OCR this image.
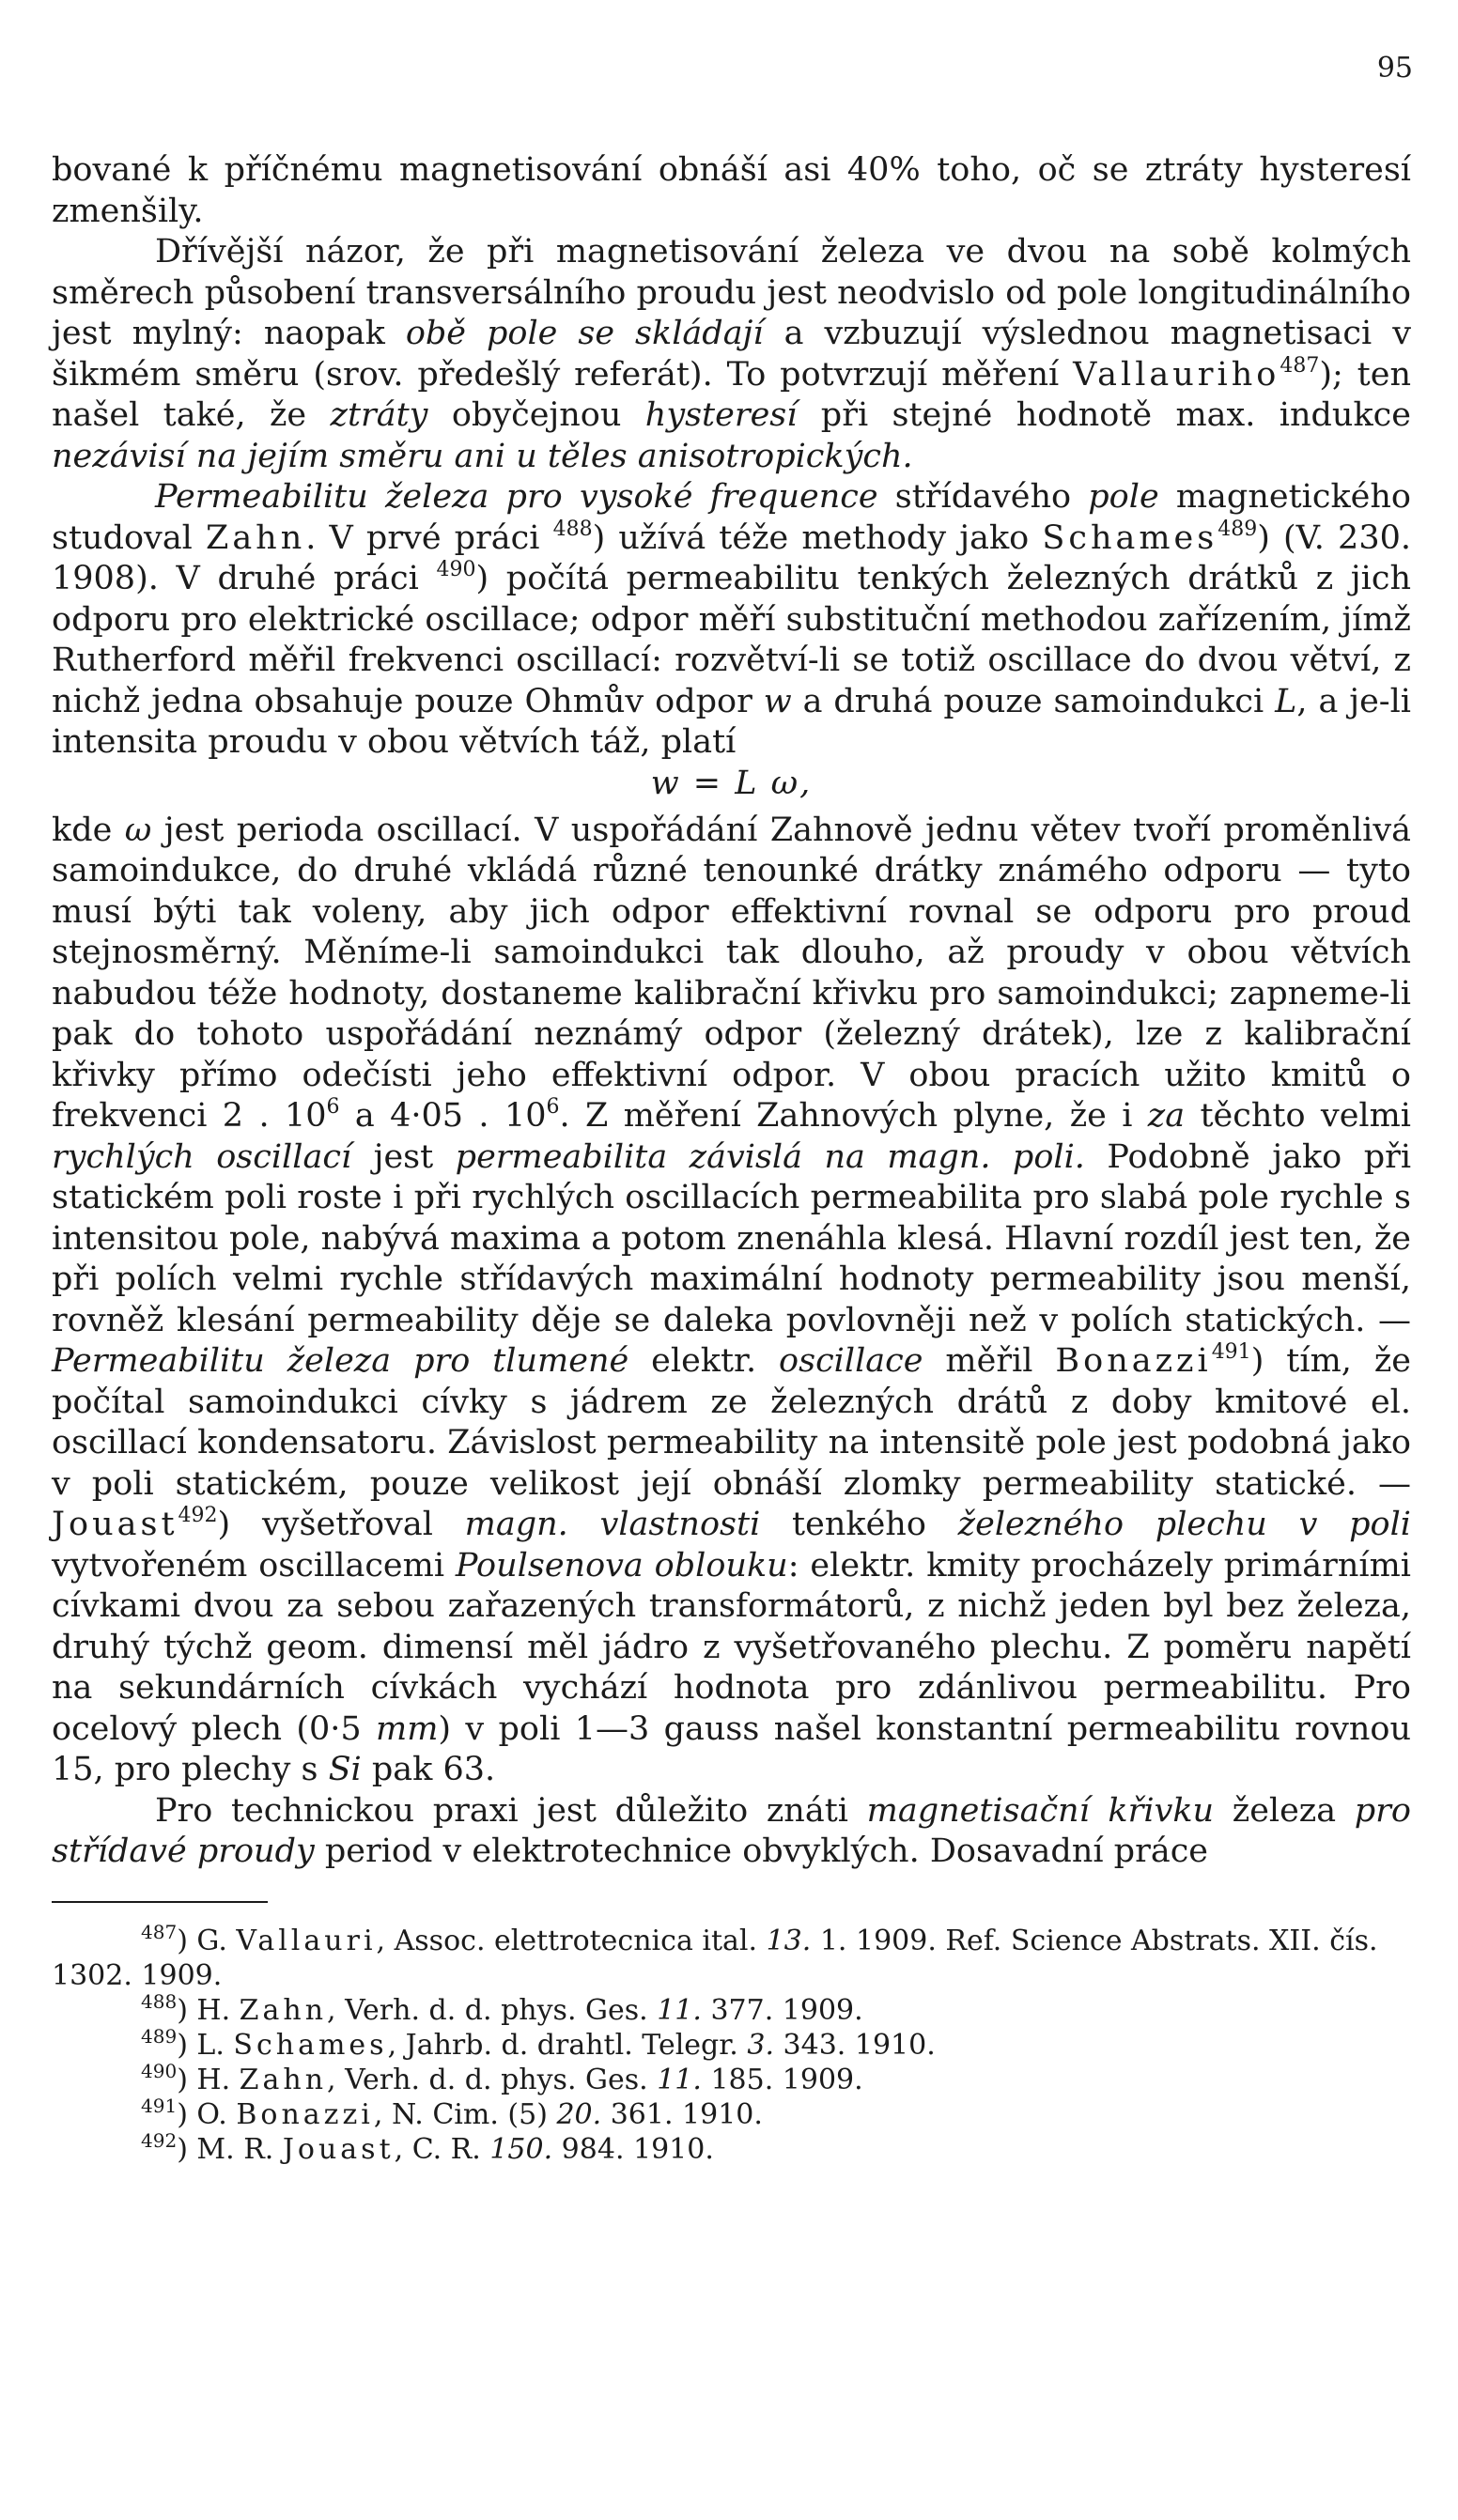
95

bované k příčnému magnetisování obnáší asi 40% toho, oč se ztráty hysteresí zmenšily.

Dřívější názor, že při magnetisování železa ve dvou na sobě kolmých směrech působení transversálního proudu jest neodvislo od pole longitudinálního jest mylný: naopak obě pole se skládají a vzbuzují výslednou magnetisaci v šikmém směru (srov. předešlý referát). To potvrzují měření Vallauriho$^{487}$); ten našel také, že ztráty obyčejnou hysteresí při stejné hodnotě max. indukce nezávisí na jejím směru ani u těles anisotropických.

Permeabilitu železa pro vysoké frequence střídavého pole magnetického studoval Zahn. V prvé práci $^{488}$) užívá téže methody jako Schames$^{489}$) (V. 230. 1908). V druhé práci $^{490}$) počítá permeabilitu tenkých železných drátků z jich odporu pro elektrické oscillace; odpor měří substituční methodou zařízením, jímž Rutherford měřil frekvenci oscillací: rozvětví-li se totiž oscillace do dvou větví, z nichž jedna obsahuje pouze Ohmův odpor w a druhá pouze samoindukci L, a je-li intensita proudu v obou větvích táž, platí

w = L ω,

kde ω jest perioda oscillací. V uspořádání Zahnově jednu větev tvoří proměnlivá samoindukce, do druhé vkládá různé tenounké drátky známého odporu — tyto musí býti tak voleny, aby jich odpor effektivní rovnal se odporu pro proud stejnosměrný. Měníme-li samoindukci tak dlouho, až proudy v obou větvích nabudou téže hodnoty, dostaneme kalibrační křivku pro samoindukci; zapneme-li pak do tohoto uspořádání neznámý odpor (železný drátek), lze z kalibrační křivky přímo odečísti jeho effektivní odpor. V obou pracích užito kmitů o frekvenci 2 . $10^6$ a 4·05 . $10^6$. Z měření Zahnových plyne, že i za těchto velmi rychlých oscillací jest permeabilita závislá na magn. poli. Podobně jako při statickém poli roste i při rychlých oscillacích permeabilita pro slabá pole rychle s intensitou pole, nabývá maxima a potom znenáhla klesá. Hlavní rozdíl jest ten, že při polích velmi rychle střídavých maximální hodnoty permeability jsou menší, rovněž klesání permeability děje se daleka povlovněji než v polích statických. — Permeabilitu železa pro tlumené elektr. oscillace měřil Bonazzi$^{491}$) tím, že počítal samoindukci cívky s jádrem ze železných drátů z doby kmitové el. oscillací kondensatoru. Závislost permeability na intensitě pole jest podobná jako v poli statickém, pouze velikost její obnáší zlomky permeability statické. — Jouast$^{492}$) vyšetřoval magn. vlastnosti tenkého železného plechu v poli vytvořeném oscillacemi Poulsenova oblouku: elektr. kmity procházely primárními cívkami dvou za sebou zařazených transformátorů, z nichž jeden byl bez železa, druhý týchž geom. dimensí měl jádro z vyšetřovaného plechu. Z poměru napětí na sekundárních cívkách vychází hodnota pro zdánlivou permeabilitu. Pro ocelový plech (0·5 mm) v poli 1—3 gauss našel konstantní permeabilitu rovnou 15, pro plechy s Si pak 63.

Pro technickou praxi jest důležito znáti magnetisační křivku železa pro střídavé proudy period v elektrotechnice obvyklých. Dosavadní práce

$^{487}$) G. Vallauri, Assoc. elettrotecnica ital. 13. 1. 1909. Ref. Science Abstrats. XII. čís. 1302. 1909.

$^{488}$) H. Zahn, Verh. d. d. phys. Ges. 11. 377. 1909.

$^{489}$) L. Schames, Jahrb. d. drahtl. Telegr. 3. 343. 1910.

$^{490}$) H. Zahn, Verh. d. d. phys. Ges. 11. 185. 1909.

$^{491}$) O. Bonazzi, N. Cim. (5) 20. 361. 1910.

$^{492}$) M. R. Jouast, C. R. 150. 984. 1910.
